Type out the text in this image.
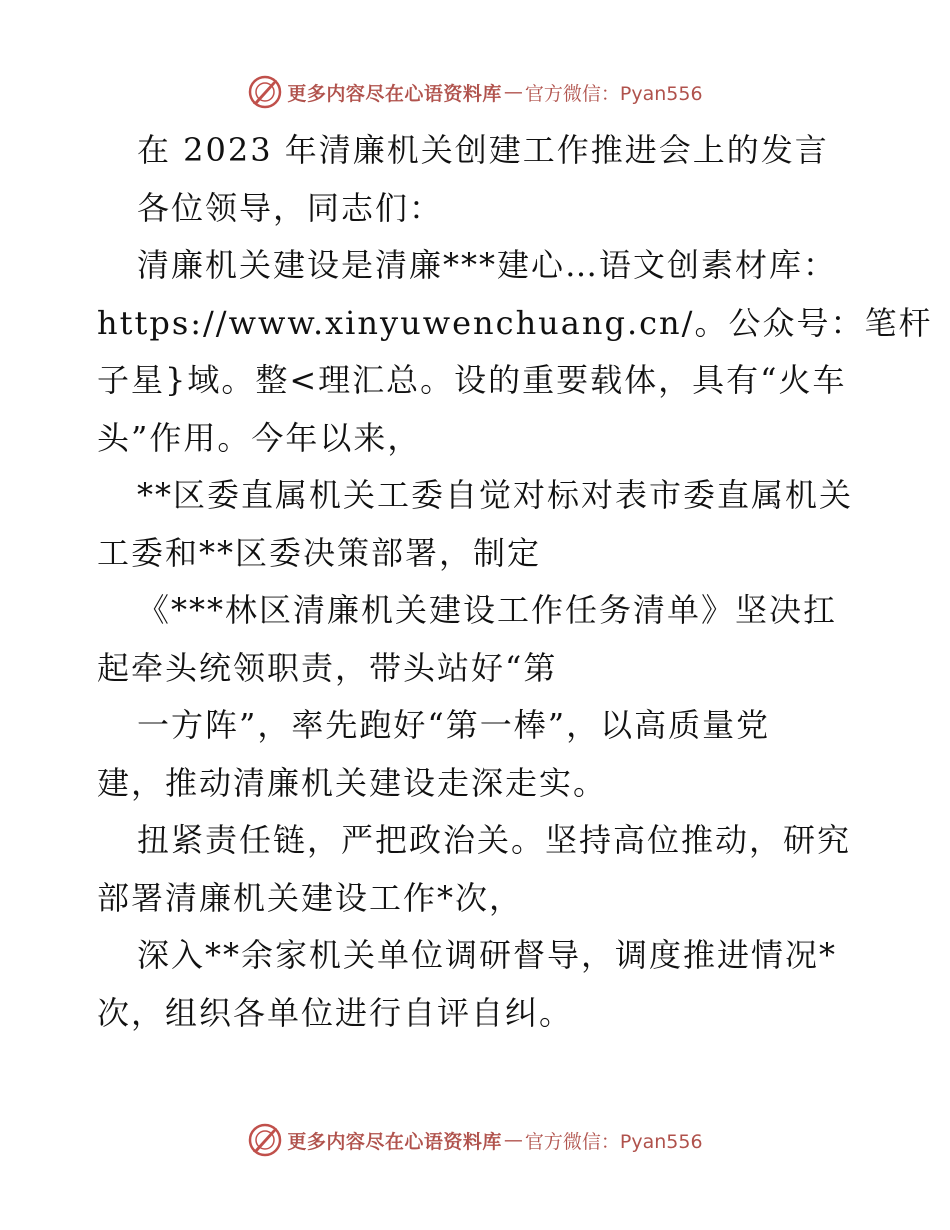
更多内容尽在心语资料库 — 官方微信：Pyan556
在 2023 年清廉机关创建工作推进会上的发言
各位领导，同志们：
清廉机关建设是清廉***建心…语文创素材库：
https://www.xinyuwenchuang.cn/。公众号：笔杆
子星}域。整<理汇总。设的重要载体，具有“火车
头”作用。今年以来，
**区委直属机关工委自觉对标对表市委直属机关
工委和**区委决策部署，制定
《***林区清廉机关建设工作任务清单》坚决扛
起牵头统领职责，带头站好“第
一方阵”，率先跑好“第一棒”，以高质量党
建，推动清廉机关建设走深走实。
扭紧责任链，严把政治关。坚持高位推动，研究
部署清廉机关建设工作*次，
深入**余家机关单位调研督导，调度推进情况*
次，组织各单位进行自评自纠。
更多内容尽在心语资料库 — 官方微信：Pyan556
